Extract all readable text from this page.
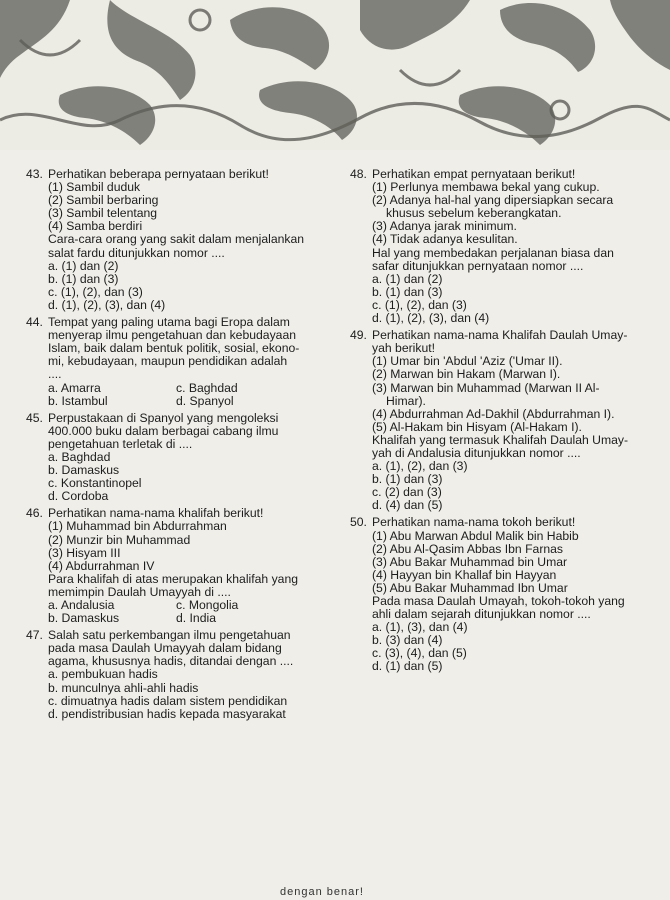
43. Perhatikan beberapa pernyataan berikut!
(1) Sambil duduk
(2) Sambil berbaring
(3) Sambil telentang
(4) Samba berdiri
Cara-cara orang yang sakit dalam menjalankan
salat fardu ditunjukkan nomor ....
a. (1) dan (2)
b. (1) dan (3)
c. (1), (2), dan (3)
d. (1), (2), (3), dan (4)
44. Tempat yang paling utama bagi Eropa dalam
menyerap ilmu pengetahuan dan kebudayaan
Islam, baik dalam bentuk politik, sosial, ekono-
mi, kebudayaan, maupun pendidikan adalah
....
a. Amarra	c. Baghdad
b. Istambul	d. Spanyol
45. Perpustakaan di Spanyol yang mengoleksi
400.000 buku dalam berbagai cabang ilmu
pengetahuan terletak di ....
a. Baghdad
b. Damaskus
c. Konstantinopel
d. Cordoba
46. Perhatikan nama-nama khalifah berikut!
(1) Muhammad bin Abdurrahman
(2) Munzir bin Muhammad
(3) Hisyam III
(4) Abdurrahman IV
Para khalifah di atas merupakan khalifah yang
memimpin Daulah Umayyah di ....
a. Andalusia	c. Mongolia
b. Damaskus	d. India
47. Salah satu perkembangan ilmu pengetahuan
pada masa Daulah Umayyah dalam bidang
agama, khususnya hadis, ditandai dengan ....
a. pembukuan hadis
b. munculnya ahli-ahli hadis
c. dimuatnya hadis dalam sistem pendidikan
d. pendistribusian hadis kepada masyarakat
48. Perhatikan empat pernyataan berikut!
(1) Perlunya membawa bekal yang cukup.
(2) Adanya hal-hal yang dipersiapkan secara
khusus sebelum keberangkatan.
(3) Adanya jarak minimum.
(4) Tidak adanya kesulitan.
Hal yang membedakan perjalanan biasa dan
safar ditunjukkan pernyataan nomor ....
a. (1) dan (2)
b. (1) dan (3)
c. (1), (2), dan (3)
d. (1), (2), (3), dan (4)
49. Perhatikan nama-nama Khalifah Daulah Umay-
yah berikut!
(1) Umar bin 'Abdul 'Aziz ('Umar II).
(2) Marwan bin Hakam (Marwan I).
(3) Marwan bin Muhammad (Marwan II Al-
Himar).
(4) Abdurrahman Ad-Dakhil (Abdurrahman I).
(5) Al-Hakam bin Hisyam (Al-Hakam I).
Khalifah yang termasuk Khalifah Daulah Umay-
yah di Andalusia ditunjukkan nomor ....
a. (1), (2), dan (3)
b. (1) dan (3)
c. (2) dan (3)
d. (4) dan (5)
50. Perhatikan nama-nama tokoh berikut!
(1) Abu Marwan Abdul Malik bin Habib
(2) Abu Al-Qasim Abbas Ibn Farnas
(3) Abu Bakar Muhammad bin Umar
(4) Hayyan bin Khallaf bin Hayyan
(5) Abu Bakar Muhammad Ibn Umar
Pada masa Daulah Umayah, tokoh-tokoh yang
ahli dalam sejarah ditunjukkan nomor ....
a. (1), (3), dan (4)
b. (3) dan (4)
c. (3), (4), dan (5)
d. (1) dan (5)
dengan benar!
